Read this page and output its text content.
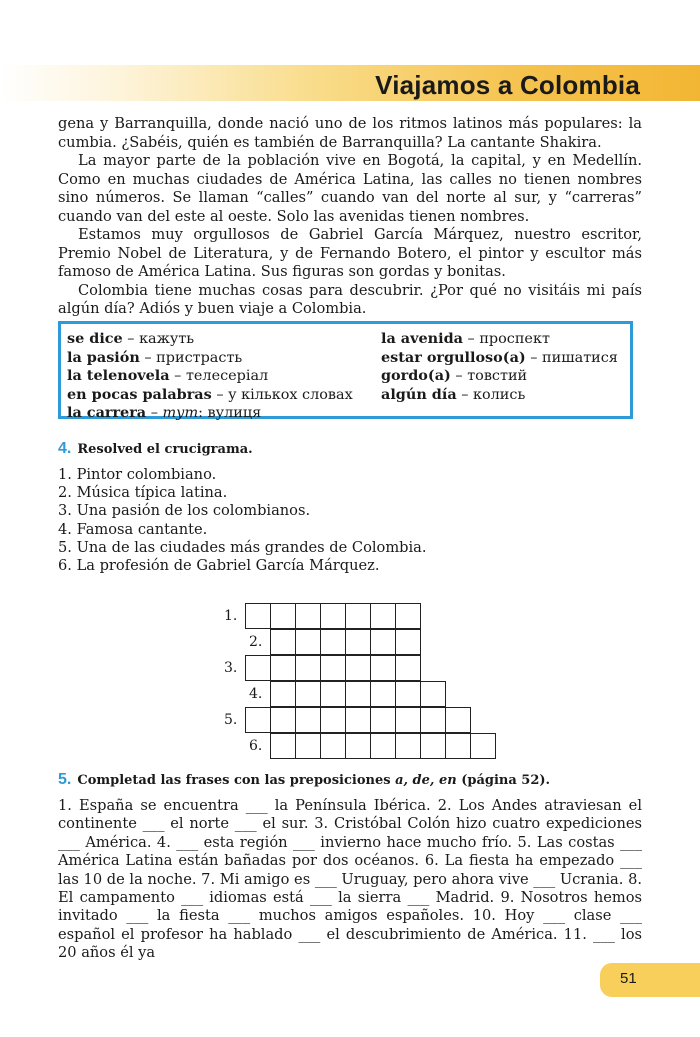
Viajamos a Colombia

gena y Barranquilla, donde nació uno de los ritmos latinos más populares: la cumbia. ¿Sabéis, quién es también de Barranquilla? La cantante Shakira.

La mayor parte de la población vive en Bogotá, la capital, y en Medellín. Como en muchas ciudades de América Latina, las calles no tienen nombres sino números. Se llaman “calles” cuando van del norte al sur, y “carreras” cuando van del este al oeste. Solo las avenidas tienen nombres.

Estamos muy orgullosos de Gabriel García Márquez, nuestro escritor, Premio Nobel de Literatura, y de Fernando Botero, el pintor y escultor más famoso de América Latina. Sus figuras son gordas y bonitas.

Colombia tiene muchas cosas para descubrir. ¿Por qué no visitáis mi país algún día? Adiós y buen viaje a Colombia.

se dice – кажуть
la pasión – пристрасть
la telenovela – телесеріал
en pocas palabras – у кількох словах
la carrera – тут: вулиця
la avenida – проспект
estar orgulloso(a) – пишатися
gordo(a) – товстий
algún día – колись
4. Resolved el crucigrama.
1. Pintor colombiano.
2. Música típica latina.
3. Una pasión de los colombianos.
4. Famosa cantante.
5. Una de las ciudades más grandes de Colombia.
6. La profesión de Gabriel García Márquez.
1.
2.
3.
4.
5.
6.
5. Completad las frases con las preposiciones a, de, en (página 52).
1. España se encuentra ___ la Península Ibérica. 2. Los Andes atraviesan el continente ___ el norte ___ el sur. 3. Cristóbal Colón hizo cuatro expediciones ___ América. 4. ___ esta región ___ invierno hace mucho frío. 5. Las costas ___ América Latina están bañadas por dos océanos. 6. La fiesta ha empezado ___ las 10 de la noche. 7. Mi amigo es ___ Uruguay, pero ahora vive ___ Ucrania. 8. El campamento ___ idiomas está ___ la sierra ___ Madrid. 9. Nosotros hemos invitado ___ la fiesta ___ muchos amigos españoles. 10. Hoy ___ clase ___ español el profesor ha hablado ___ el descubrimiento de América. 11. ___ los 20 años él ya
51
